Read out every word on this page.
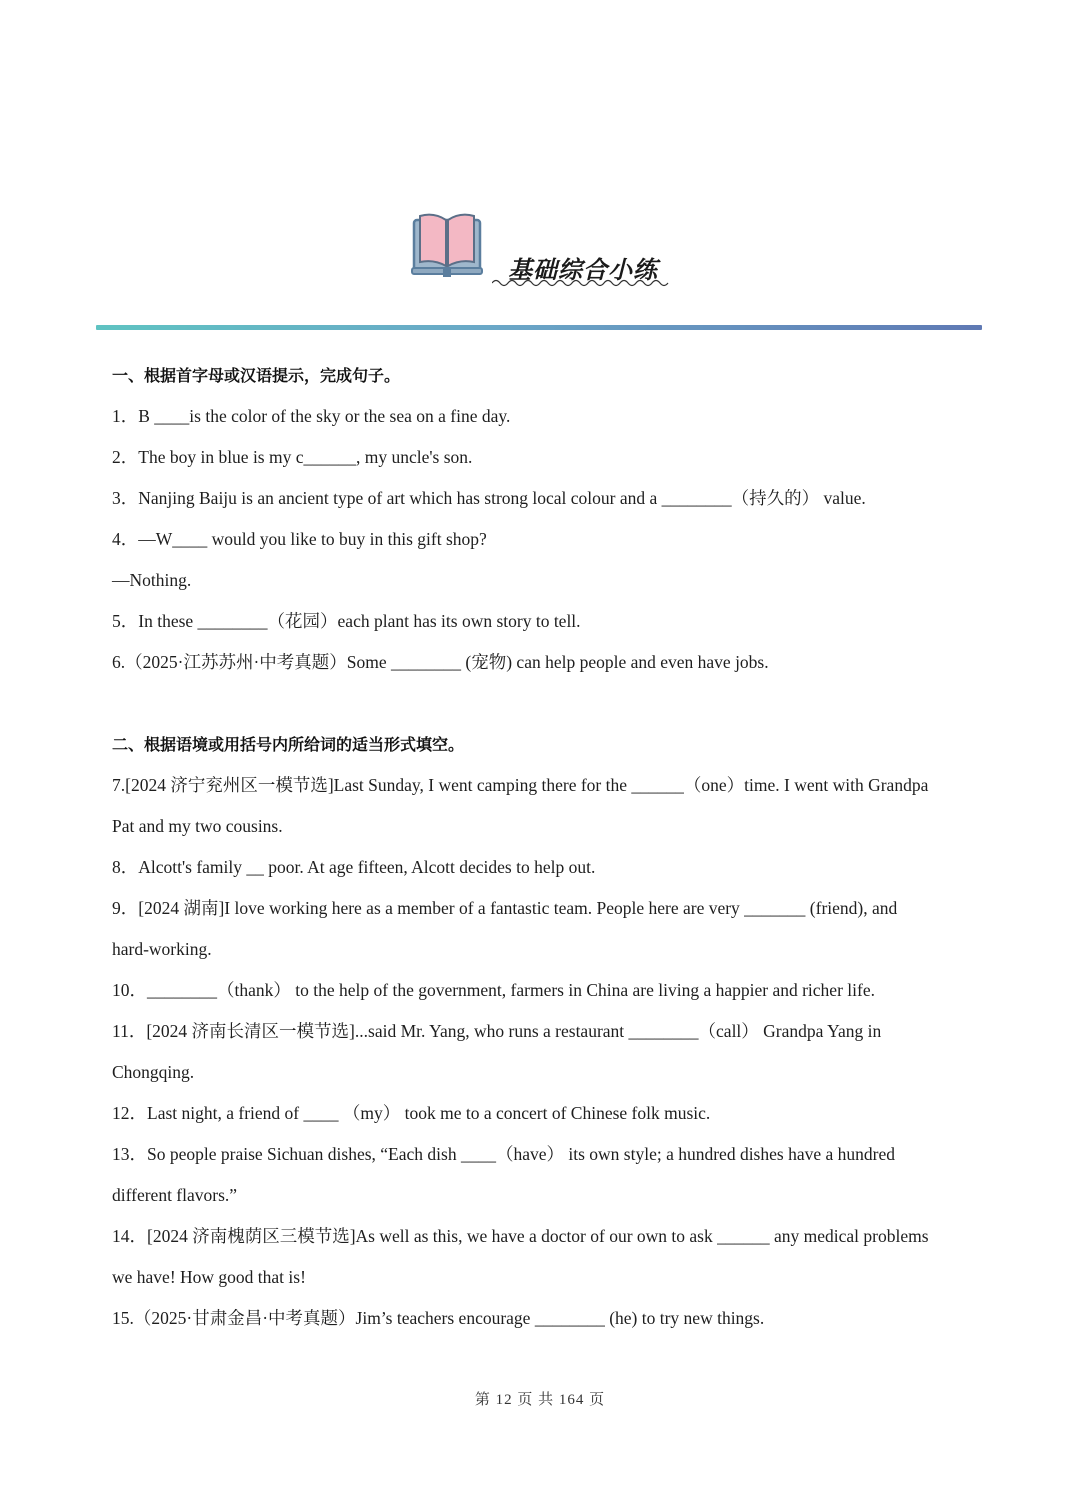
基础综合小练
一、根据首字母或汉语提示，完成句子。
1．B ____is the color of the sky or the sea on a fine day.
2．The boy in blue is my c______, my uncle's son.
3．Nanjing Baiju is an ancient type of art which has strong local colour and a ________（持久的） value.
4．—W____ would you like to buy in this gift shop?
—Nothing.
5．In these ________（花园）each plant has its own story to tell.
6.（2025·江苏苏州·中考真题）Some ________ (宠物) can help people and even have jobs.
二、根据语境或用括号内所给词的适当形式填空。
7.[2024 济宁兖州区一模节选]Last Sunday, I went camping there for the ______（one）time. I went with Grandpa
Pat and my two cousins.
8．Alcott's family __ poor. At age fifteen, Alcott decides to help out.
9．[2024 湖南]I love working here as a member of a fantastic team. People here are very _______ (friend), and
hard-working.
10．________（thank） to the help of the government, farmers in China are living a happier and richer life.
11．[2024 济南长清区一模节选]...said Mr. Yang, who runs a restaurant ________（call） Grandpa Yang in
Chongqing.
12．Last night, a friend of ____ （my） took me to a concert of Chinese folk music.
13．So people praise Sichuan dishes, “Each dish ____（have） its own style; a hundred dishes have a hundred
different flavors.”
14．[2024 济南槐荫区三模节选]As well as this, we have a doctor of our own to ask ______ any medical problems
we have! How good that is!
15.（2025·甘肃金昌·中考真题）Jim’s teachers encourage ________ (he) to try new things.
第 12 页 共 164 页
